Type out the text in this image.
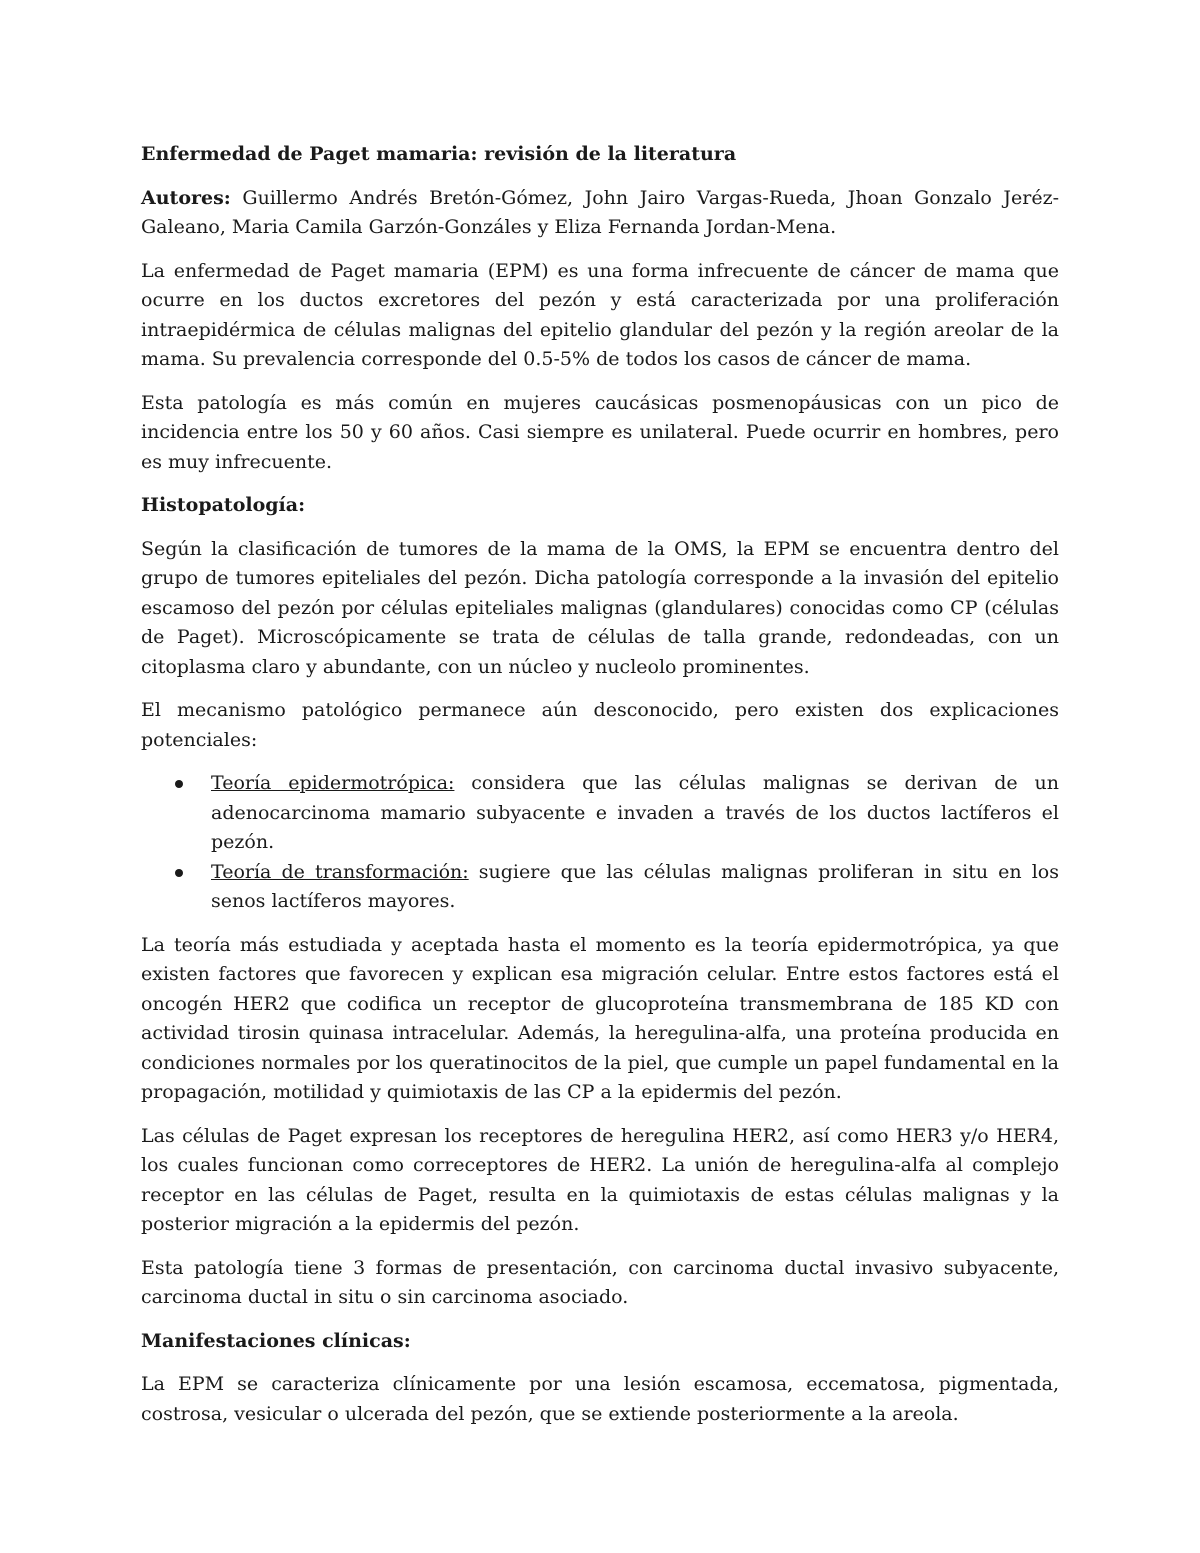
Enfermedad de Paget mamaria: revisión de la literatura

Autores: Guillermo Andrés Bretón-Gómez, John Jairo Vargas-Rueda, Jhoan Gonzalo Jeréz-Galeano, Maria Camila Garzón-Gonzáles y Eliza Fernanda Jordan-Mena.

La enfermedad de Paget mamaria (EPM) es una forma infrecuente de cáncer de mama que ocurre en los ductos excretores del pezón y está caracterizada por una proliferación intraepidérmica de células malignas del epitelio glandular del pezón y la región areolar de la mama. Su prevalencia corresponde del 0.5-5% de todos los casos de cáncer de mama.

Esta patología es más común en mujeres caucásicas posmenopáusicas con un pico de incidencia entre los 50 y 60 años. Casi siempre es unilateral. Puede ocurrir en hombres, pero es muy infrecuente.

Histopatología:

Según la clasificación de tumores de la mama de la OMS, la EPM se encuentra dentro del grupo de tumores epiteliales del pezón. Dicha patología corresponde a la invasión del epitelio escamoso del pezón por células epiteliales malignas (glandulares) conocidas como CP (células de Paget). Microscópicamente se trata de células de talla grande, redondeadas, con un citoplasma claro y abundante, con un núcleo y nucleolo prominentes.

El mecanismo patológico permanece aún desconocido, pero existen dos explicaciones potenciales:

Teoría epidermotrópica: considera que las células malignas se derivan de un adenocarcinoma mamario subyacente e invaden a través de los ductos lactíferos el pezón.
Teoría de transformación: sugiere que las células malignas proliferan in situ en los senos lactíferos mayores.

La teoría más estudiada y aceptada hasta el momento es la teoría epidermotrópica, ya que existen factores que favorecen y explican esa migración celular. Entre estos factores está el oncogén HER2 que codifica un receptor de glucoproteína transmembrana de 185 KD con actividad tirosin quinasa intracelular. Además, la heregulina-alfa, una proteína producida en condiciones normales por los queratinocitos de la piel, que cumple un papel fundamental en la propagación, motilidad y quimiotaxis de las CP a la epidermis del pezón.

Las células de Paget expresan los receptores de heregulina HER2, así como HER3 y/o HER4, los cuales funcionan como correceptores de HER2. La unión de heregulina-alfa al complejo receptor en las células de Paget, resulta en la quimiotaxis de estas células malignas y la posterior migración a la epidermis del pezón.

Esta patología tiene 3 formas de presentación, con carcinoma ductal invasivo subyacente, carcinoma ductal in situ o sin carcinoma asociado.

Manifestaciones clínicas:

La EPM se caracteriza clínicamente por una lesión escamosa, eccematosa, pigmentada, costrosa, vesicular o ulcerada del pezón, que se extiende posteriormente a la areola.
